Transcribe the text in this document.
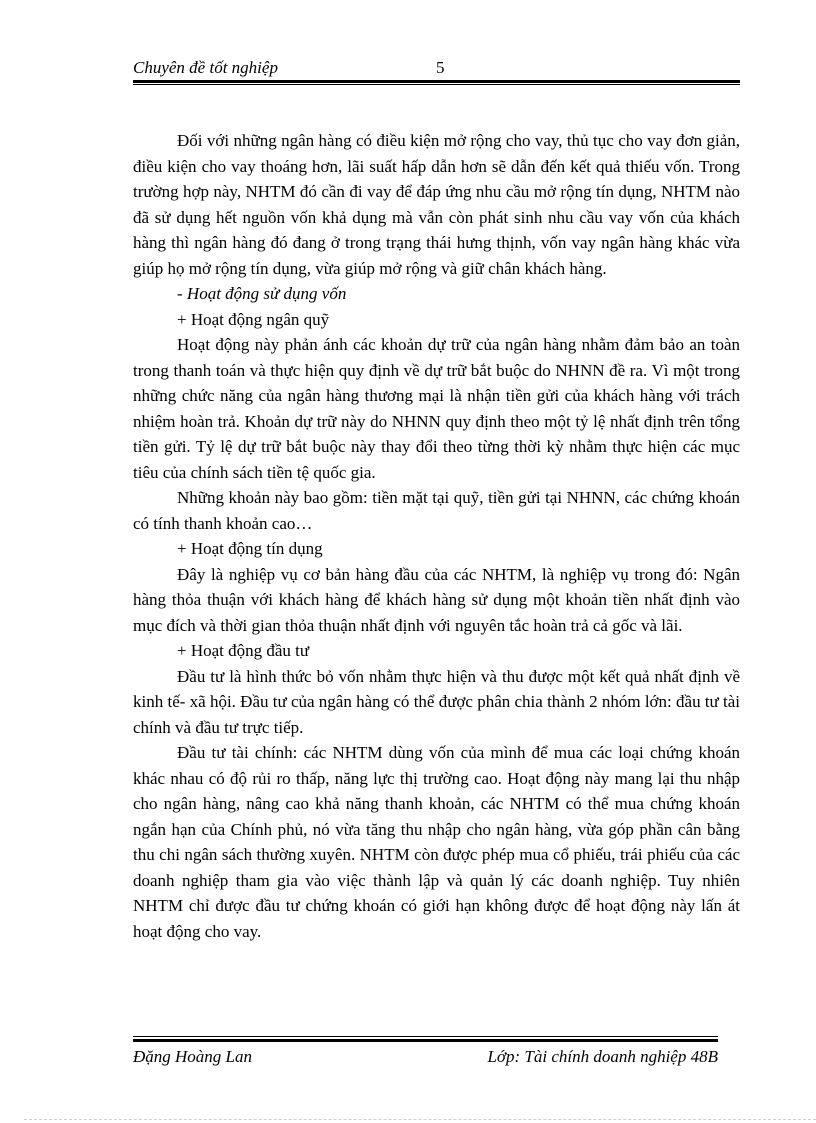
Chuyên đề tốt nghiệp	5

Đối với những ngân hàng có điều kiện mở rộng cho vay, thủ tục cho vay đơn giản, điều kiện cho vay thoáng hơn, lãi suất hấp dẫn hơn sẽ dẫn đến kết quả thiếu vốn. Trong trường hợp này, NHTM đó cần đi vay để đáp ứng nhu cầu mở rộng tín dụng, NHTM nào đã sử dụng hết nguồn vốn khả dụng mà vẫn còn phát sinh nhu cầu vay vốn của khách hàng thì ngân hàng đó đang ở trong trạng thái hưng thịnh, vốn vay ngân hàng khác vừa giúp họ mở rộng tín dụng, vừa giúp mở rộng và giữ chân khách hàng.

- Hoạt động sử dụng vốn

+ Hoạt động ngân quỹ

Hoạt động này phản ánh các khoản dự trữ của ngân hàng nhằm đảm bảo an toàn trong thanh toán và thực hiện quy định về dự trữ bắt buộc do NHNN đề ra. Vì một trong những chức năng của ngân hàng thương mại là nhận tiền gửi của khách hàng với trách nhiệm hoàn trả. Khoản dự trữ này do NHNN quy định theo một tỷ lệ nhất định trên tổng tiền gửi. Tỷ lệ dự trữ bắt buộc này thay đổi theo từng thời kỳ nhằm thực hiện các mục tiêu của chính sách tiền tệ quốc gia.

Những khoản này bao gồm: tiền mặt tại quỹ, tiền gửi tại NHNN, các chứng khoán có tính thanh khoản cao…

+ Hoạt động tín dụng

Đây là nghiệp vụ cơ bản hàng đầu của các NHTM, là nghiệp vụ trong đó: Ngân hàng thỏa thuận với khách hàng để khách hàng sử dụng một khoản tiền nhất định vào mục đích và thời gian thỏa thuận nhất định với nguyên tắc hoàn trả cả gốc và lãi.

+ Hoạt động đầu tư

Đầu tư là hình thức bỏ vốn nhằm thực hiện và thu được một kết quả nhất định về kinh tế- xã hội. Đầu tư của ngân hàng có thể được phân chia thành 2 nhóm lớn: đầu tư tài chính và đầu tư trực tiếp.

Đầu tư tài chính: các NHTM dùng vốn của mình để mua các loại chứng khoán khác nhau có độ rủi ro thấp, năng lực thị trường cao. Hoạt động này mang lại thu nhập cho ngân hàng, nâng cao khả năng thanh khoản, các NHTM có thể mua chứng khoán ngắn hạn của Chính phủ, nó vừa tăng thu nhập cho ngân hàng, vừa góp phần cân bằng thu chi ngân sách thường xuyên. NHTM còn được phép mua cổ phiếu, trái phiếu của các doanh nghiệp tham gia vào việc thành lập và quản lý các doanh nghiệp. Tuy nhiên NHTM chỉ được đầu tư chứng khoán có giới hạn không được để hoạt động này lấn át hoạt động cho vay.

Đặng Hoàng Lan	Lớp: Tài chính doanh nghiệp 48B
